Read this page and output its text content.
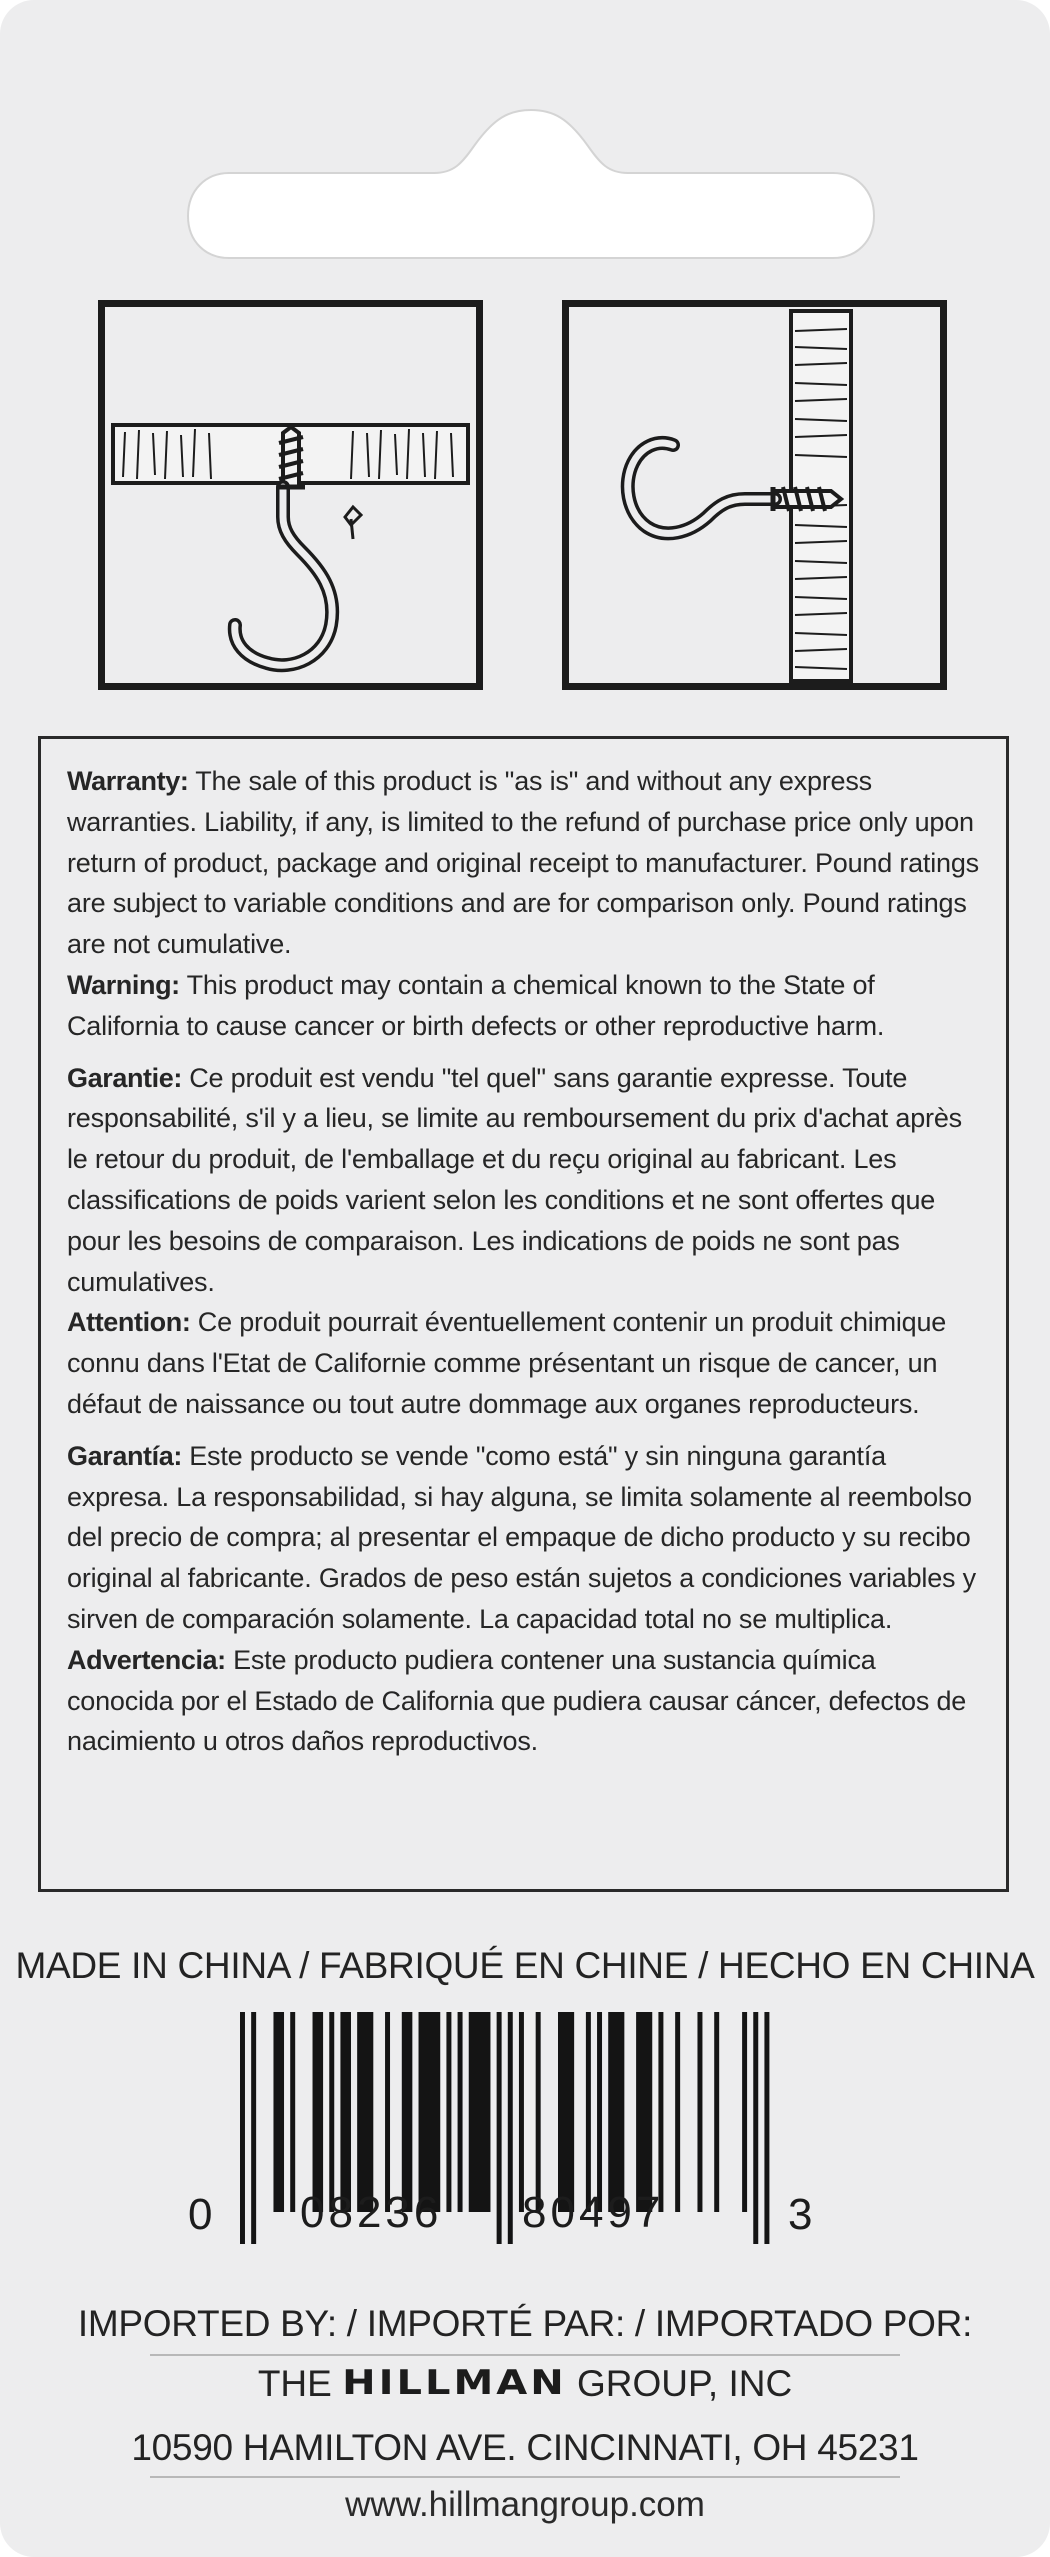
Warranty: The sale of this product is "as is" and without any express warranties. Liability, if any, is limited to the refund of purchase price only upon return of product, package and original receipt to manufacturer. Pound ratings are subject to variable conditions and are for comparison only. Pound ratings are not cumulative.

Warning: This product may contain a chemical known to the State of California to cause cancer or birth defects or other reproductive harm.

Garantie: Ce produit est vendu "tel quel" sans garantie expresse. Toute responsabilité, s'il y a lieu, se limite au remboursement du prix d'achat après le retour du produit, de l'emballage et du reçu original au fabricant. Les classifications de poids varient selon les conditions et ne sont offertes que pour les besoins de comparaison. Les indications de poids ne sont pas cumulatives.

Attention: Ce produit pourrait éventuellement contenir un produit chimique connu dans l'Etat de Californie comme présentant un risque de cancer, un défaut de naissance ou tout autre dommage aux organes reproducteurs.

Garantía: Este producto se vende "como está" y sin ninguna garantía expresa. La responsabilidad, si hay alguna, se limita solamente al reembolso del precio de compra; al presentar el empaque de dicho producto y su recibo original al fabricante. Grados de peso están sujetos a condiciones variables y sirven de comparación solamente. La capacidad total no se multiplica.

Advertencia: Este producto pudiera contener una sustancia química conocida por el Estado de California que pudiera causar cáncer, defectos de nacimiento u otros daños reproductivos.

MADE IN CHINA / FABRIQUÉ EN CHINE / HECHO EN CHINA
0 08236 80497	3
IMPORTED BY: / IMPORTÉ PAR: / IMPORTADO POR:
THE HILLMAN GROUP, INC
10590 HAMILTON AVE. CINCINNATI, OH 45231
www.hillmangroup.com
